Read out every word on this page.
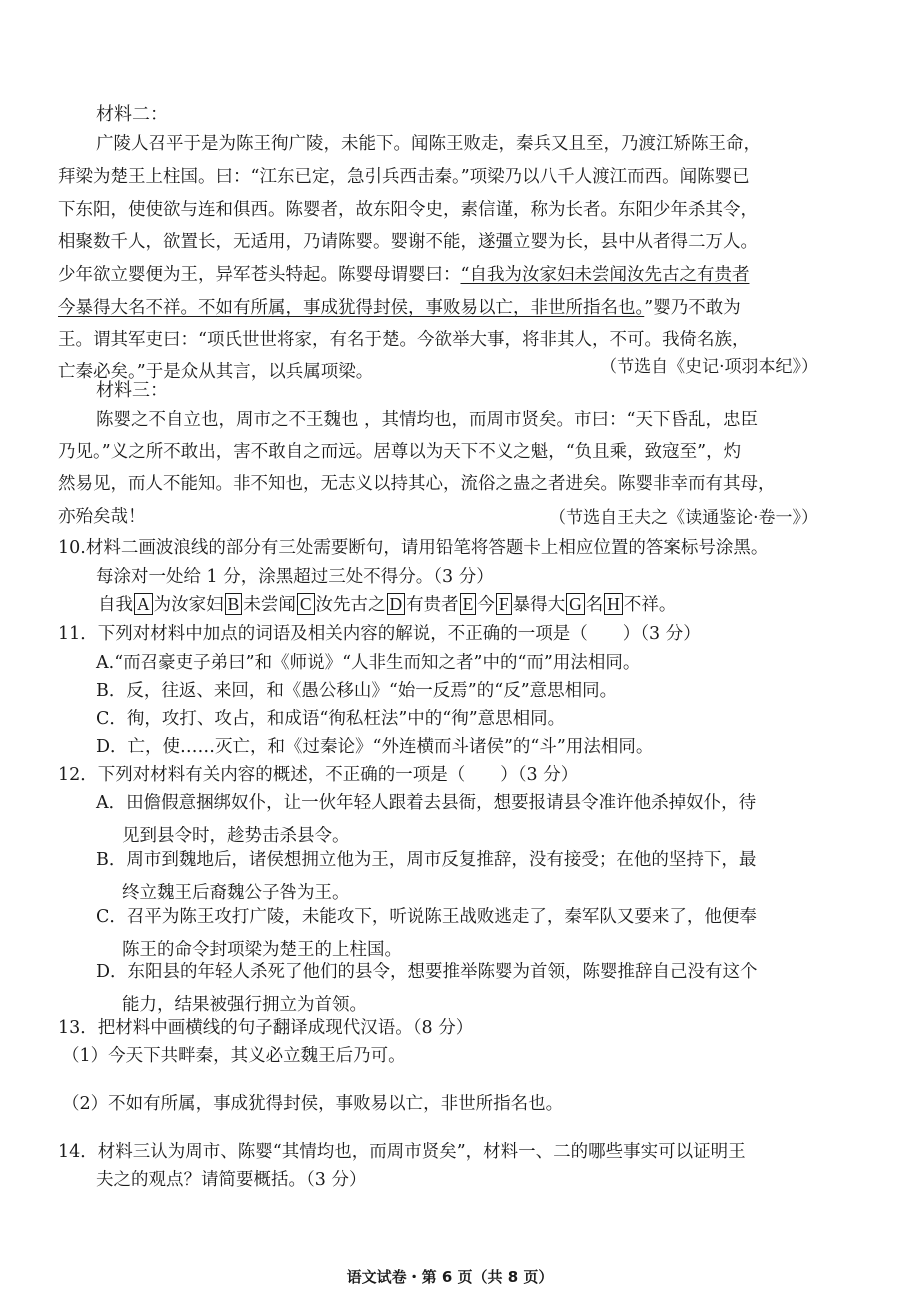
材料二：
广陵人召平于是为陈王徇广陵，未能下。闻陈王败走，秦兵又且至，乃渡江矫陈王命，
拜梁为楚王上柱国。曰：“江东已定，急引兵西击秦。”项梁乃以八千人渡江而西。闻陈婴已
下东阳，使使欲与连和俱西。陈婴者，故东阳令史，素信谨，称为长者。东阳少年杀其令，
相聚数千人，欲置长，无适用，乃请陈婴。婴谢不能，遂彊立婴为长，县中从者得二万人。
少年欲立婴便为王，异军苍头特起。陈婴母谓婴曰：“自我为汝家妇未尝闻汝先古之有贵者
今暴得大名不祥。不如有所属，事成犹得封侯，事败易以亡，非世所指名也。”婴乃不敢为
王。谓其军吏曰：“项氏世世将家，有名于楚。今欲举大事，将非其人，不可。我倚名族，
亡秦必矣。”于是众从其言，以兵属项梁。	（节选自《史记·项羽本纪》）
材料三：
陈婴之不自立也，周市之不王魏也 ，其情均也，而周市贤矣。市曰：“天下昏乱，忠臣
乃见。”义之所不敢出，害不敢自之而远。居尊以为天下不义之魁，“负且乘，致寇至”，灼
然易见，而人不能知。非不知也，无志义以持其心，流俗之蛊之者进矣。陈婴非幸而有其母，
亦殆矣哉！	（节选自王夫之《读通鉴论·卷一》）
10.材料二画波浪线的部分有三处需要断句，请用铅笔将答题卡上相应位置的答案标号涂黑。
每涂对一处给 1 分，涂黑超过三处不得分。（3 分）
自我 A 为汝家妇 B 未尝闻 C 汝先古之 D 有贵者 E 今 F 暴得大 G 名 H 不祥。
11．下列对材料中加点的词语及相关内容的解说，不正确的一项是（　　）（3 分）
A.“而召豪吏子弟曰”和《师说》“人非生而知之者”中的“而”用法相同。
B．反，往返、来回，和《愚公移山》“始一反焉”的“反”意思相同。
C．徇，攻打、攻占，和成语“徇私枉法”中的“徇”意思相同。
D．亡，使……灭亡，和《过秦论》“外连横而斗诸侯”的“斗”用法相同。
12．下列对材料有关内容的概述，不正确的一项是（　　）（3 分）
A．田儋假意捆绑奴仆，让一伙年轻人跟着去县衙，想要报请县令准许他杀掉奴仆，待
见到县令时，趁势击杀县令。
B．周市到魏地后，诸侯想拥立他为王，周市反复推辞，没有接受；在他的坚持下，最
终立魏王后裔魏公子咎为王。
C．召平为陈王攻打广陵，未能攻下，听说陈王战败逃走了，秦军队又要来了，他便奉
陈王的命令封项梁为楚王的上柱国。
D．东阳县的年轻人杀死了他们的县令，想要推举陈婴为首领，陈婴推辞自己没有这个
能力，结果被强行拥立为首领。
13．把材料中画横线的句子翻译成现代汉语。（8 分）
（1）今天下共畔秦，其义必立魏王后乃可。
（2）不如有所属，事成犹得封侯，事败易以亡，非世所指名也。
14．材料三认为周市、陈婴“其情均也，而周市贤矣”，材料一、二的哪些事实可以证明王
夫之的观点？请简要概括。（3 分）
语文试卷・第 6 页（共 8 页）
